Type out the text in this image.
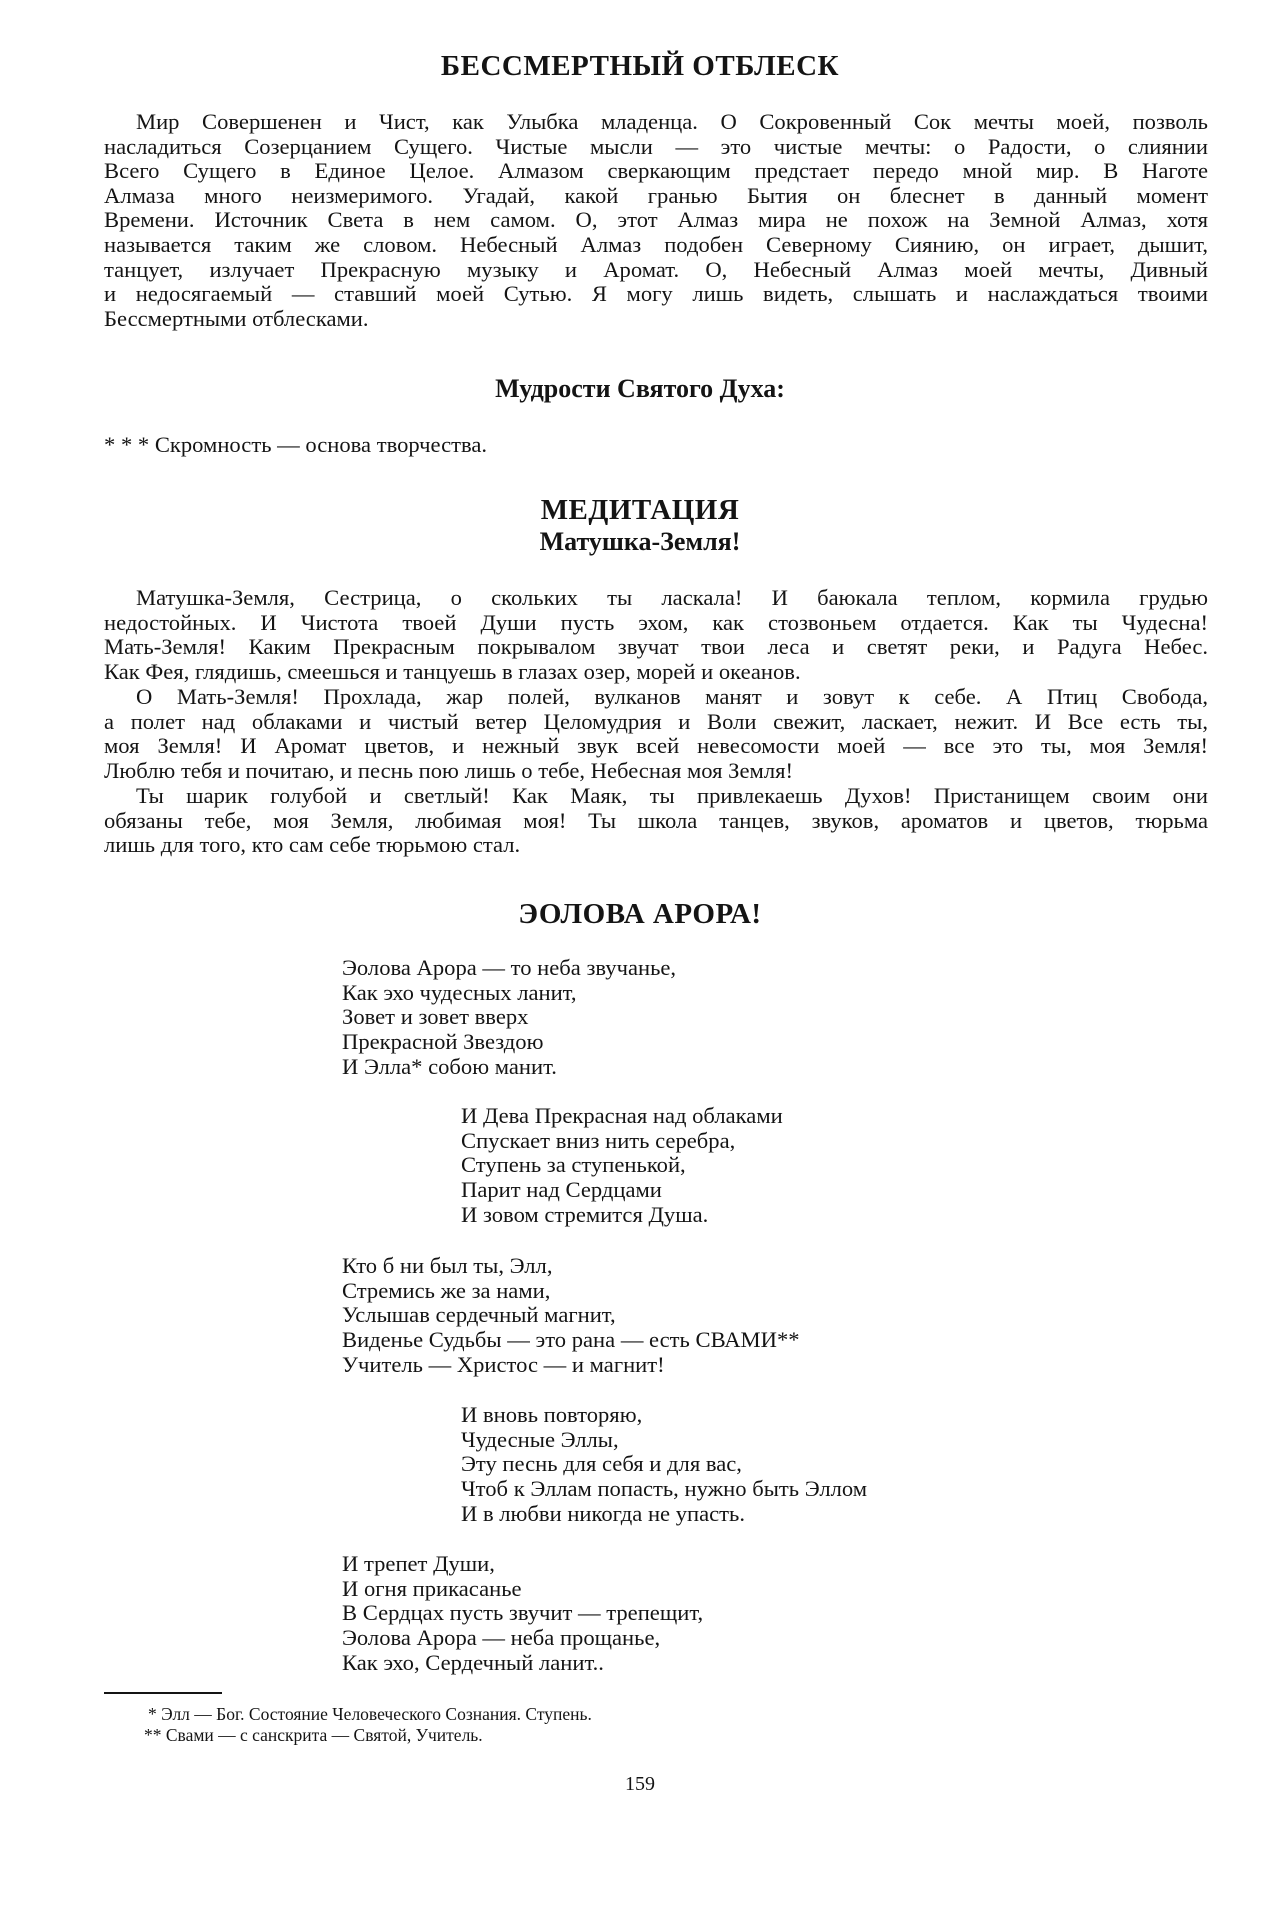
БЕССМЕРТНЫЙ ОТБЛЕСК
Мир Совершенен и Чист, как Улыбка младенца. О Сокровенный Сок мечты моей, позволь
насладиться Созерцанием Сущего. Чистые мысли — это чистые мечты: о Радости, о слиянии
Всего Сущего в Единое Целое. Алмазом сверкающим предстает передо мной мир. В Наготе
Алмаза много неизмеримого. Угадай, какой гранью Бытия он блеснет в данный момент
Времени. Источник Света в нем самом. О, этот Алмаз мира не похож на Земной Алмаз, хотя
называется таким же словом. Небесный Алмаз подобен Северному Сиянию, он играет, дышит,
танцует, излучает Прекрасную музыку и Аромат. О, Небесный Алмаз моей мечты, Дивный
и недосягаемый — ставший моей Сутью. Я могу лишь видеть, слышать и наслаждаться твоими
Бессмертными отблесками.
Мудрости Святого Духа:
* * * Скромность — основа творчества.
МЕДИТАЦИЯ
Матушка-Земля!
Матушка-Земля, Сестрица, о скольких ты ласкала! И баюкала теплом, кормила грудью
недостойных. И Чистота твоей Души пусть эхом, как стозвоньем отдается. Как ты Чудесна!
Мать-Земля! Каким Прекрасным покрывалом звучат твои леса и светят реки, и Радуга Небес.
Как Фея, глядишь, смеешься и танцуешь в глазах озер, морей и океанов.
О Мать-Земля! Прохлада, жар полей, вулканов манят и зовут к себе. А Птиц Свобода,
а полет над облаками и чистый ветер Целомудрия и Воли свежит, ласкает, нежит. И Все есть ты,
моя Земля! И Аромат цветов, и нежный звук всей невесомости моей — все это ты, моя Земля!
Люблю тебя и почитаю, и песнь пою лишь о тебе, Небесная моя Земля!
Ты шарик голубой и светлый! Как Маяк, ты привлекаешь Духов! Пристанищем своим они
обязаны тебе, моя Земля, любимая моя! Ты школа танцев, звуков, ароматов и цветов, тюрьма
лишь для того, кто сам себе тюрьмою стал.
ЭОЛОВА АРОРА!
Эолова Арора — то неба звучанье,
Как эхо чудесных ланит,
Зовет и зовет вверх
Прекрасной Звездою
И Элла* собою манит.
И Дева Прекрасная над облаками
Спускает вниз нить серебра,
Ступень за ступенькой,
Парит над Сердцами
И зовом стремится Душа.
Кто б ни был ты, Элл,
Стремись же за нами,
Услышав сердечный магнит,
Виденье Судьбы — это рана — есть СВАМИ**
Учитель — Христос — и магнит!
И вновь повторяю,
Чудесные Эллы,
Эту песнь для себя и для вас,
Чтоб к Эллам попасть, нужно быть Эллом
И в любви никогда не упасть.
И трепет Души,
И огня прикасанье
В Сердцах пусть звучит — трепещит,
Эолова Арора — неба прощанье,
Как эхо, Сердечный ланит..
* Элл — Бог. Состояние Человеческого Сознания. Ступень.
** Свами — с санскрита — Святой, Учитель.
159
